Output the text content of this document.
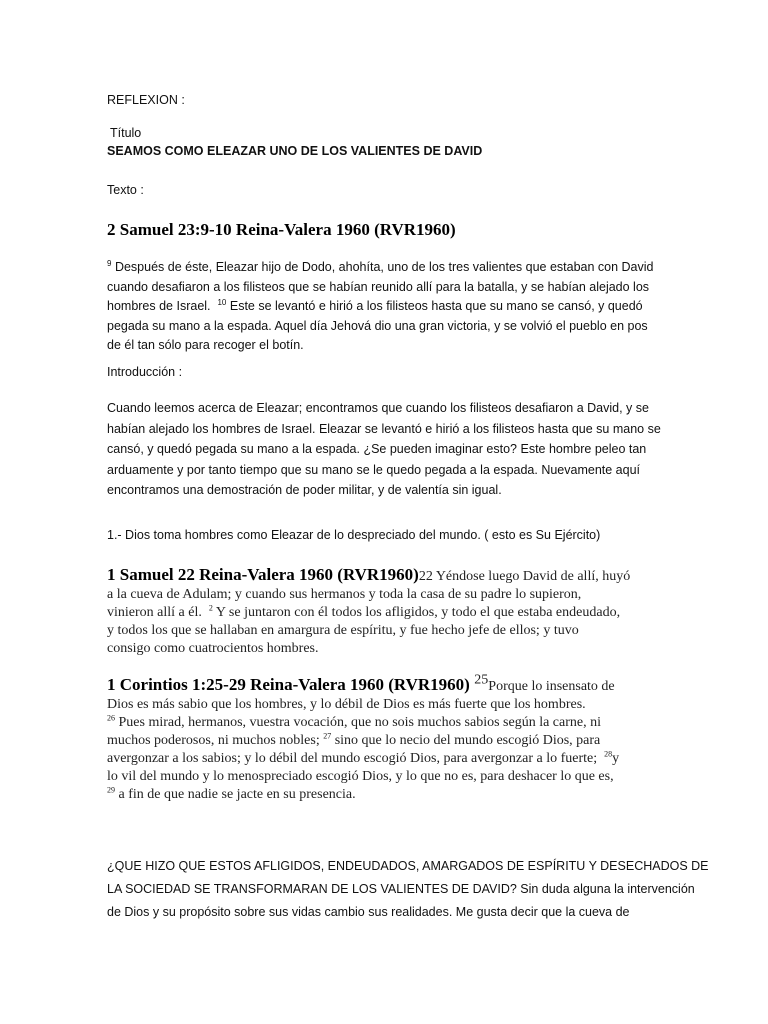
REFLEXION :
Título
SEAMOS COMO ELEAZAR UNO DE LOS VALIENTES DE DAVID
Texto :
2 Samuel 23:9-10 Reina-Valera 1960 (RVR1960)
$^9$ Después de éste, Eleazar hijo de Dodo, ahohíta, uno de los tres valientes que estaban con David
cuando desafiaron a los filisteos que se habían reunido allí para la batalla, y se habían alejado los
hombres de Israel. $^{10}$ Este se levantó e hirió a los filisteos hasta que su mano se cansó, y quedó
pegada su mano a la espada. Aquel día Jehová dio una gran victoria, y se volvió el pueblo en pos
de él tan sólo para recoger el botín.
Introducción :
Cuando leemos acerca de Eleazar; encontramos que cuando los filisteos desafiaron a David, y se
habían alejado los hombres de Israel. Eleazar se levantó e hirió a los filisteos hasta que su mano se
cansó, y quedó pegada su mano a la espada. ¿Se pueden imaginar esto? Este hombre peleo tan
arduamente y por tanto tiempo que su mano se le quedo pegada a la espada. Nuevamente aquí
encontramos una demostración de poder militar, y de valentía sin igual.
1.- Dios toma hombres como Eleazar de lo despreciado del mundo. ( esto es Su Ejército)
1 Samuel 22 Reina-Valera 1960 (RVR1960)22 Yéndose luego David de allí, huyó
a la cueva de Adulam; y cuando sus hermanos y toda la casa de su padre lo supieron,
vinieron allí a él. $^2$ Y se juntaron con él todos los afligidos, y todo el que estaba endeudado,
y todos los que se hallaban en amargura de espíritu, y fue hecho jefe de ellos; y tuvo
consigo como cuatrocientos hombres.
1 Corintios 1:25-29 Reina-Valera 1960 (RVR1960) $^{25}$Porque lo insensato de
Dios es más sabio que los hombres, y lo débil de Dios es más fuerte que los hombres.
$^{26}$ Pues mirad, hermanos, vuestra vocación, que no sois muchos sabios según la carne, ni
muchos poderosos, ni muchos nobles; $^{27}$ sino que lo necio del mundo escogió Dios, para
avergonzar a los sabios; y lo débil del mundo escogió Dios, para avergonzar a lo fuerte; $^{28}$y
lo vil del mundo y lo menospreciado escogió Dios, y lo que no es, para deshacer lo que es,
$^{29}$ a fin de que nadie se jacte en su presencia.
¿QUE HIZO QUE ESTOS AFLIGIDOS, ENDEUDADOS, AMARGADOS DE ESPÍRITU Y DESECHADOS DE
LA SOCIEDAD SE TRANSFORMARAN DE LOS VALIENTES DE DAVID? Sin duda alguna la intervención
de Dios y su propósito sobre sus vidas cambio sus realidades. Me gusta decir que la cueva de
